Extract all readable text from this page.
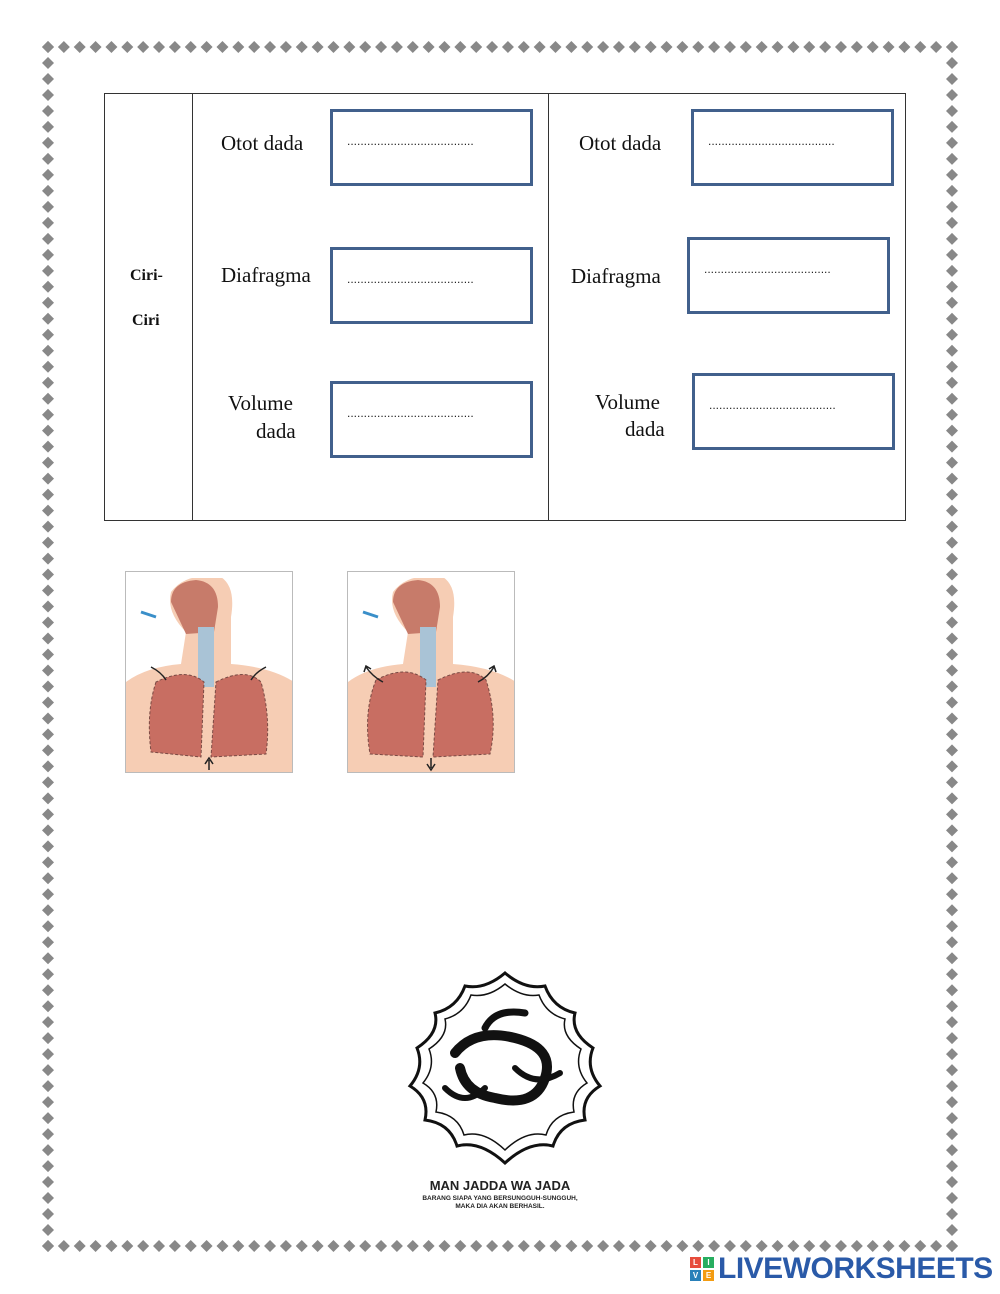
Ciri-
Ciri
Otot dada	......................................
Diafragma	......................................
Volume
dada
......................................
Otot dada	......................................
Diafragma	......................................
Volume
dada
......................................
MAN JADDA WA JADA
BARANG SIAPA YANG BERSUNGGUH-SUNGGUH,
MAKA DIA AKAN BERHASIL.
L	I
V E LIVEWORKSHEETS
